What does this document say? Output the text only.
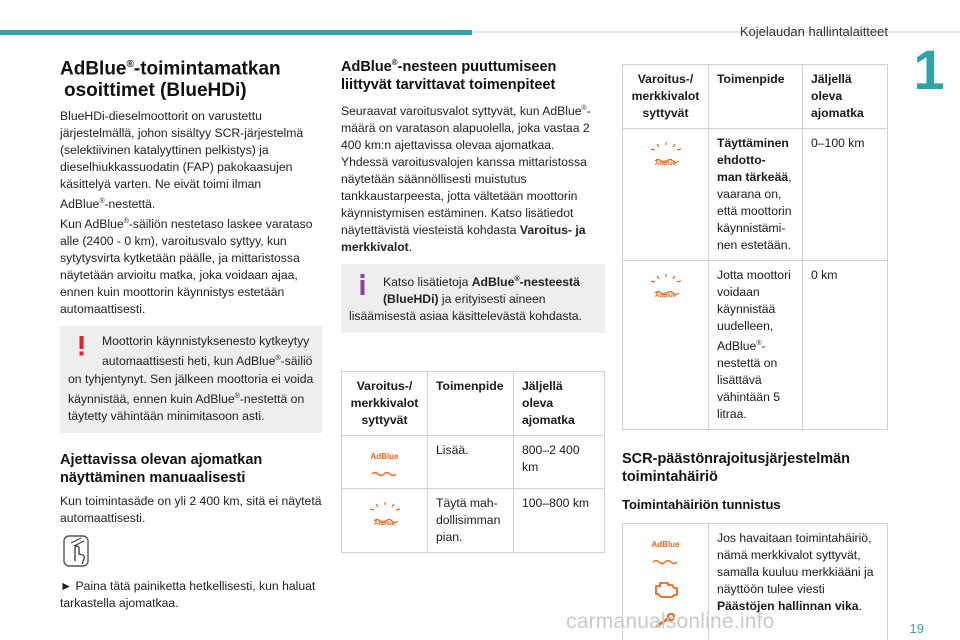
Kojelaudan hallintalaitteet
1
AdBlue®-toimintamatkan
osoittimet (BlueHDi)
BlueHDi-dieselmoottorit on varustettu
järjestelmällä, johon sisältyy SCR-järjestelmä
(selektiivinen katalyyttinen pelkistys) ja
dieselhiukkassuodatin (FAP) pakokaasujen
käsittelyä varten. Ne eivät toimi ilman
AdBlue®-nestettä.
Kun AdBlue®-säiliön nestetaso laskee varataso
alle (2400 - 0 km), varoitusvalo syttyy, kun
sytytysvirta kytketään päälle, ja mittaristossa
näytetään arvioitu matka, joka voidaan ajaa,
ennen kuin moottorin käynnistys estetään
automaattisesti.
Moottorin käynnistyksenesto kytkeytyy
automaattisesti heti, kun AdBlue®-säiliö
on tyhjentynyt. Sen jälkeen moottoria ei voida
käynnistää, ennen kuin AdBlue®-nestettä on
täytetty vähintään minimitasoon asti.
Ajettavissa olevan ajomatkan
näyttäminen manuaalisesti
Kun toimintasäde on yli 2 400 km, sitä ei näytetä
automaattisesti.
► Paina tätä painiketta hetkellisesti, kun haluat
tarkastella ajomatkaa.
AdBlue®-nesteen puuttumiseen
liittyvät tarvittavat toimenpiteet
Seuraavat varoitusvalot syttyvät, kun AdBlue®-
määrä on varatason alapuolella, joka vastaa 2
400 km:n ajettavissa olevaa ajomatkaa.
Yhdessä varoitusvalojen kanssa mittaristossa
näytetään säännöllisesti muistutus
tankkaustarpeesta, jotta vältetään moottorin
käynnistymisen estäminen. Katso lisätiedot
näytettävistä viesteistä kohdasta Varoitus- ja
merkkivalot.
Katso lisätietoja AdBlue®-nesteestä
(BlueHDi) ja erityisesti aineen
lisäämisestä asiaa käsittelevästä kohdasta.
Varoitus-/ merkkivalot syttyvät	Toimenpide	Jäljellä oleva ajomatka

AdBlue	Lisää.	800–2 400 km

AdBlue	Täytä mah- dollisimman pian.	100–800 km
Varoitus-/ merkkivalot syttyvät	Toimenpide	Jäljellä oleva ajomatka

AdBlue	Täyttäminen ehdotto- man tärkeää, vaarana on, että moottorin käynnistämi- nen estetään.	0–100 km

AdBlue	Jotta moottori voidaan käynnistää uudelleen, AdBlue®- nestettä on lisättävä vähintään 5 litraa.	0 km
SCR-päästönrajoitusjärjestelmän
toimintahäiriö
Toimintahäiriön tunnistus
AdBlue	Jos havaitaan toimintahäiriö, nämä merkkivalot syttyvät, samalla kuuluu merkkiääni ja näyttöön tulee viesti Päästöjen hallinnan vika.
carmanualsonline.info	19
